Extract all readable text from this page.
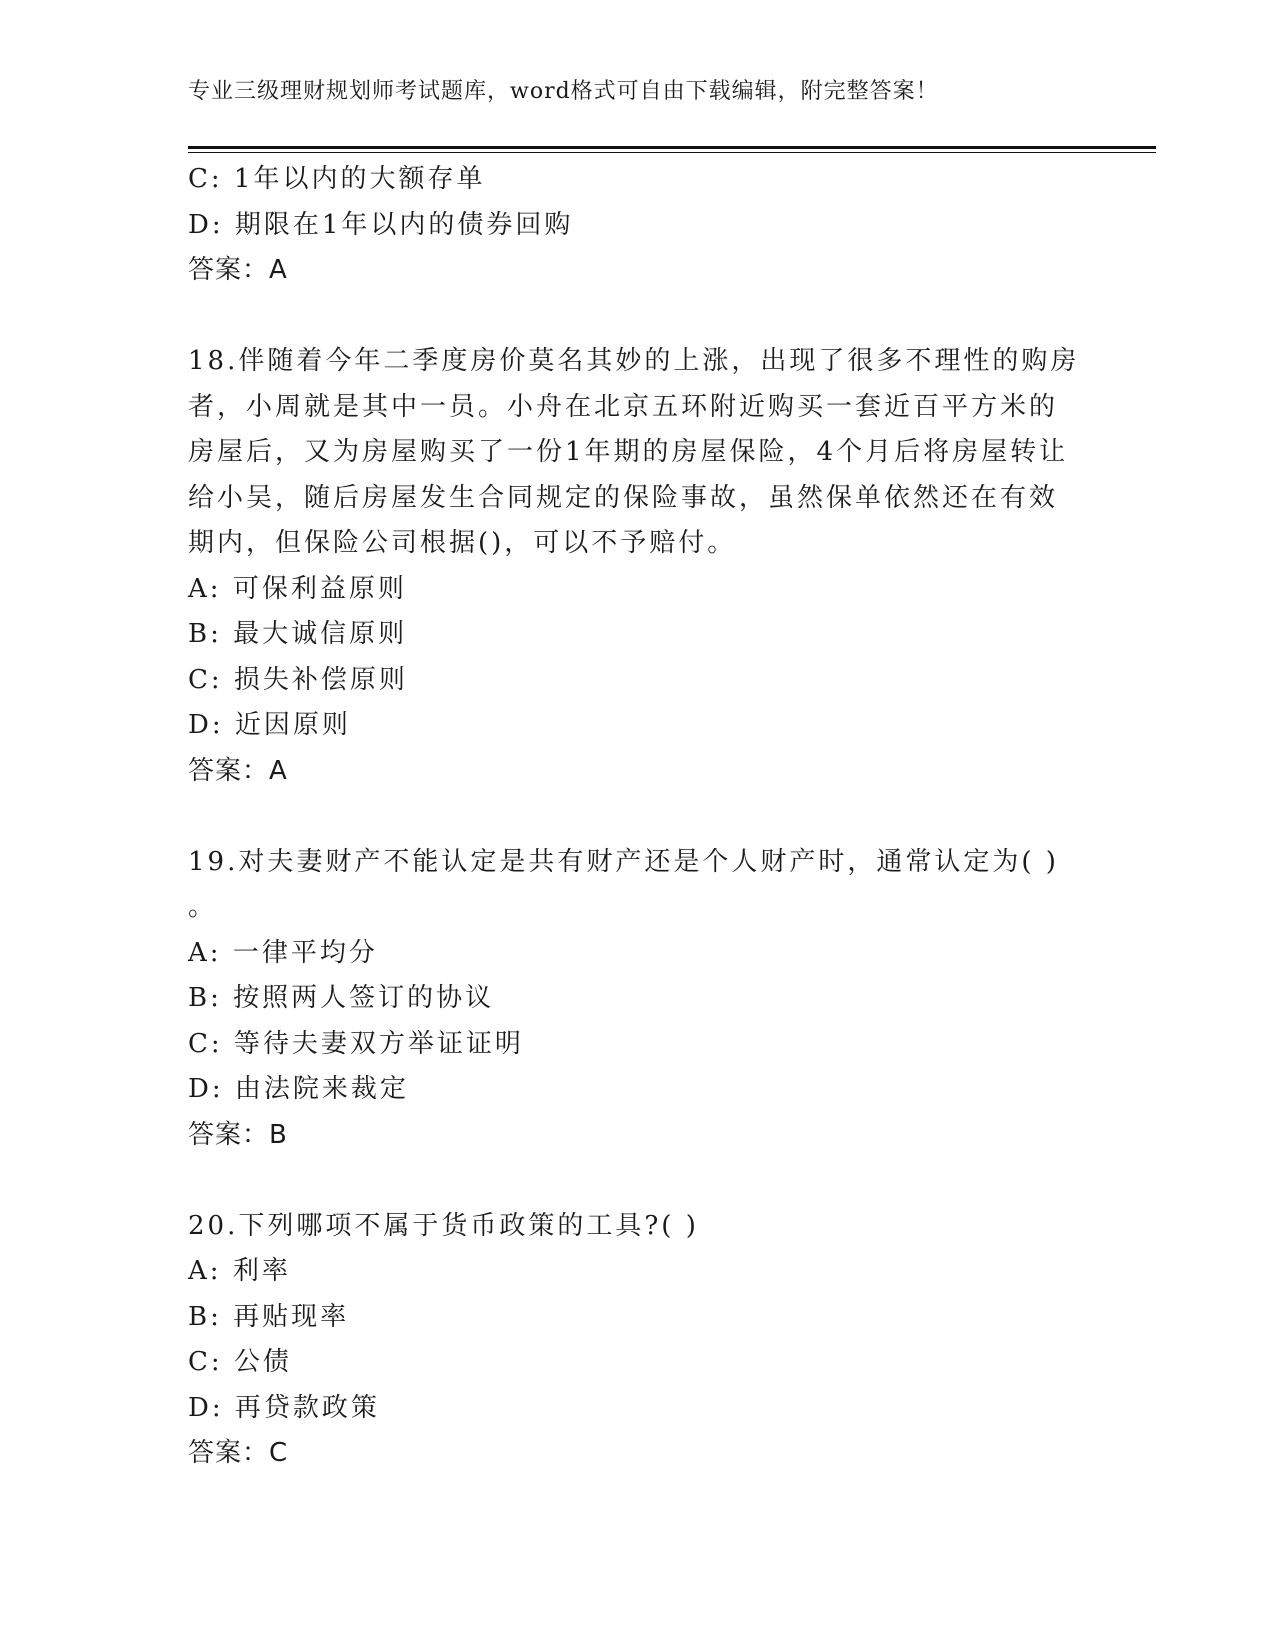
专业三级理财规划师考试题库，word格式可自由下载编辑，附完整答案！
C: 1年以内的大额存单
D: 期限在1年以内的债券回购
答案：A
18.伴随着今年二季度房价莫名其妙的上涨，出现了很多不理性的购房
者，小周就是其中一员。小舟在北京五环附近购买一套近百平方米的
房屋后，又为房屋购买了一份1年期的房屋保险，4个月后将房屋转让
给小吴，随后房屋发生合同规定的保险事故，虽然保单依然还在有效
期内，但保险公司根据()，可以不予赔付。
A: 可保利益原则
B: 最大诚信原则
C: 损失补偿原则
D: 近因原则
答案：A
19.对夫妻财产不能认定是共有财产还是个人财产时，通常认定为( )
。
A: 一律平均分
B: 按照两人签订的协议
C: 等待夫妻双方举证证明
D: 由法院来裁定
答案：B
20.下列哪项不属于货币政策的工具?( )
A: 利率
B: 再贴现率
C: 公债
D: 再贷款政策
答案：C
